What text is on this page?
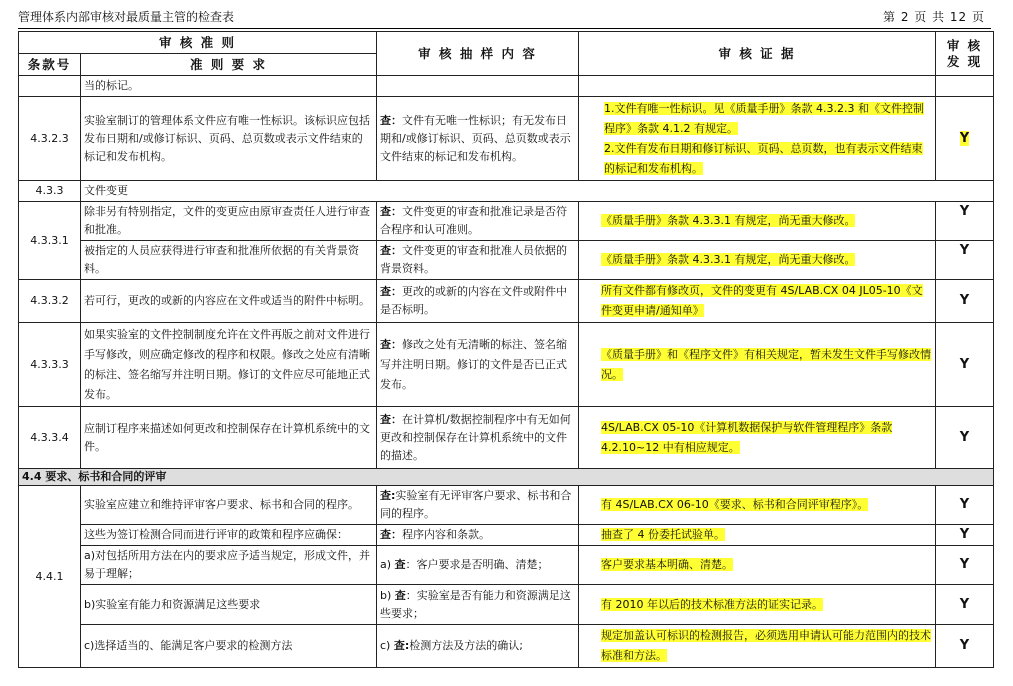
管理体系内部审核对最质量主管的检查表	第 2 页 共 12 页
审 核 准 则		审 核 抽 样 内 容	审 核 证 据	审 核
发 现

条款号	准 则 要 求			
	当的标记。			
4.3.2.3	实验室制订的管理体系文件应有唯一性标识。该标识应包括发布日期和/或修订标识、页码、总页数或表示文件结束的标记和发布机构。	查：文件有无唯一性标识；有无发布日期和/或修订标识、页码、总页数或表示文件结束的标记和发布机构。	1.文件有唯一性标识。见《质量手册》条款 4.3.2.3 和《文件控制程序》条款 4.1.2 有规定。
2.文件有发布日期和修订标识、页码、总页数，也有表示文件结束的标记和发布机构。	Y
4.3.3	文件变更			
4.3.3.1	除非另有特别指定，文件的变更应由原审查责任人进行审查和批准。	查：文件变更的审查和批准记录是否符合程序和认可准则。	《质量手册》条款 4.3.3.1 有规定，尚无重大修改。	Y
	被指定的人员应获得进行审查和批准所依据的有关背景资料。	查：文件变更的审查和批准人员依据的背景资料。	《质量手册》条款 4.3.3.1 有规定，尚无重大修改。	Y
4.3.3.2	若可行，更改的或新的内容应在文件或适当的附件中标明。	查：更改的或新的内容在文件或附件中是否标明。	所有文件都有修改页，文件的变更有 4S/LAB.CX 04 JL05-10《文件变更申请/通知单》	Y
4.3.3.3	如果实验室的文件控制制度允许在文件再版之前对文件进行手写修改，则应确定修改的程序和权限。修改之处应有清晰的标注、签名缩写并注明日期。修订的文件应尽可能地正式发布。	查：修改之处有无清晰的标注、签名缩写并注明日期。修订的文件是否已正式发布。	《质量手册》和《程序文件》有相关规定，暂未发生文件手写修改情况。	Y
4.3.3.4	应制订程序来描述如何更改和控制保存在计算机系统中的文件。	查：在计算机/数据控制程序中有无如何更改和控制保存在计算机系统中的文件的描述。	4S/LAB.CX 05-10《计算机数据保护与软件管理程序》条款 4.2.10~12 中有相应规定。	Y
4.4 要求、标书和合同的评审				
4.4.1	实验室应建立和维持评审客户要求、标书和合同的程序。	查:实验室有无评审客户要求、标书和合同的程序。	有 4S/LAB.CX 06-10《要求、标书和合同评审程序》。	Y
	这些为签订检测合同而进行评审的政策和程序应确保：	查：程序内容和条款。	抽查了 4 份委托试验单。	Y
	a)对包括所用方法在内的要求应予适当规定，形成文件，并易于理解；	a) 查：客户要求是否明确、清楚；	客户要求基本明确、清楚。	Y
	b)实验室有能力和资源满足这些要求	b) 查：实验室是否有能力和资源满足这些要求；	有 2010 年以后的技术标准方法的证实记录。	Y
	c)选择适当的、能满足客户要求的检测方法	c) 查:检测方法及方法的确认;	规定加盖认可标识的检测报告，必须选用申请认可能力范围内的技术标准和方法。	Y
